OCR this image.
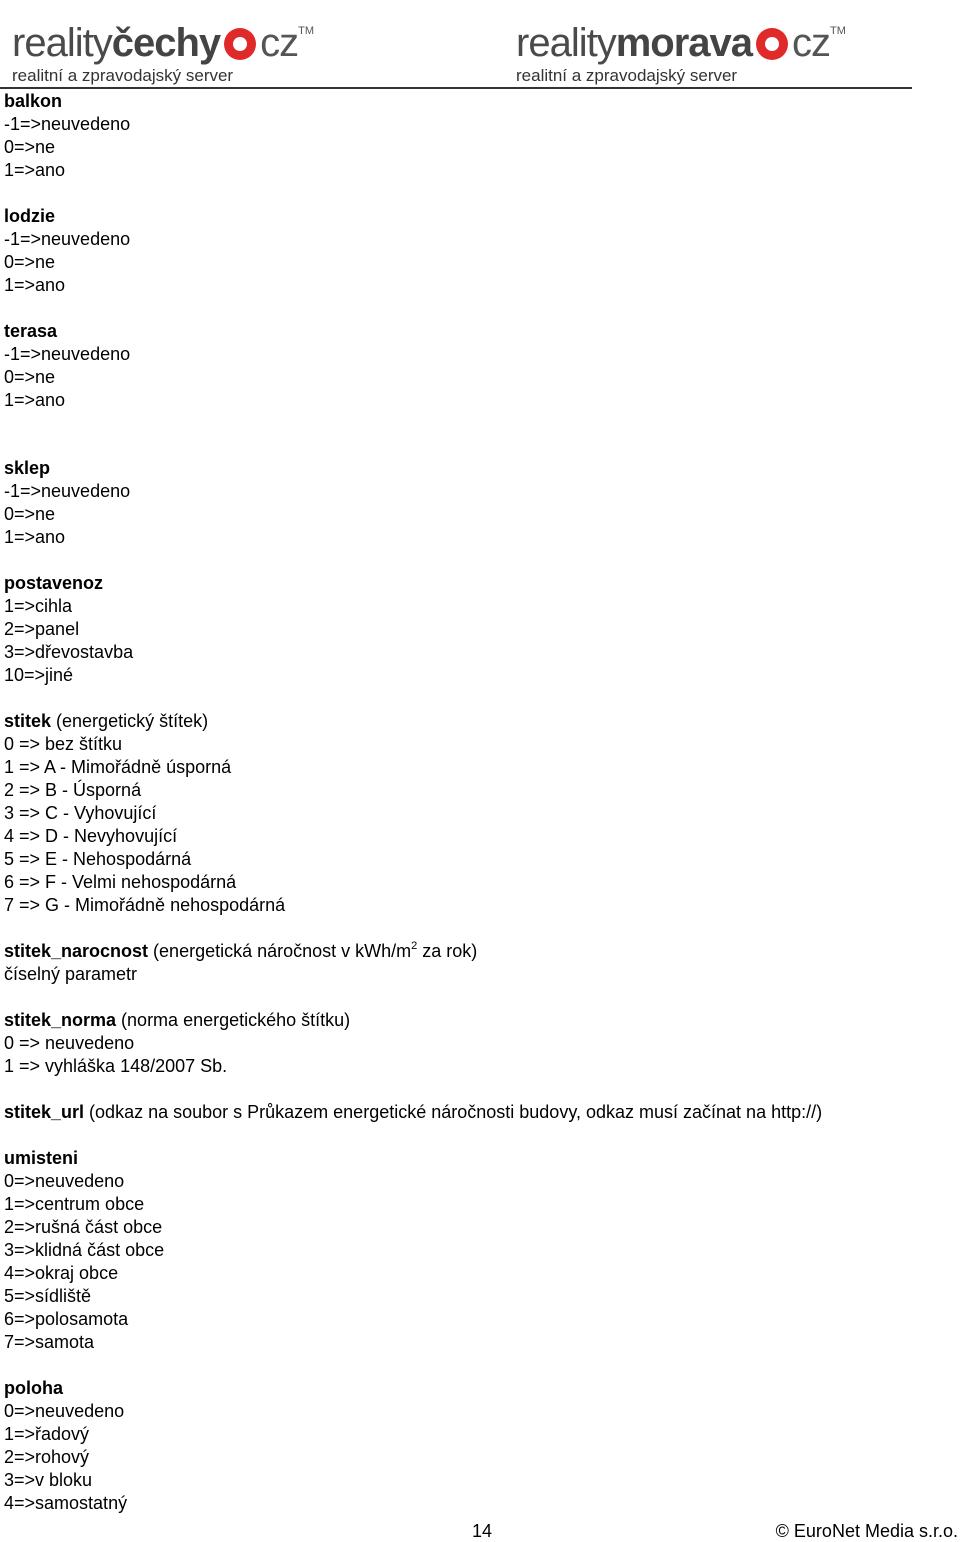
realityčechy cz™
realitní a zpravodajský server
realitymorava cz™
realitní a zpravodajský server
balkon
-1=>neuvedeno
0=>ne
1=>ano
lodzie
-1=>neuvedeno
0=>ne
1=>ano
terasa
-1=>neuvedeno
0=>ne
1=>ano
sklep
-1=>neuvedeno
0=>ne
1=>ano
postavenoz
1=>cihla
2=>panel
3=>dřevostavba
10=>jiné
stitek (energetický štítek)
0 => bez štítku
1 => A - Mimořádně úsporná
2 => B - Úsporná
3 => C - Vyhovující
4 => D - Nevyhovující
5 => E - Nehospodárná
6 => F - Velmi nehospodárná
7 => G - Mimořádně nehospodárná
stitek_narocnost (energetická náročnost v kWh/$m^2$ za rok)
číselný parametr
stitek_norma (norma energetického štítku)
0 => neuvedeno
1 => vyhláška 148/2007 Sb.
stitek_url (odkaz na soubor s Průkazem energetické náročnosti budovy, odkaz musí začínat na http://)
umisteni
0=>neuvedeno
1=>centrum obce
2=>rušná část obce
3=>klidná část obce
4=>okraj obce
5=>sídliště
6=>polosamota
7=>samota
poloha
0=>neuvedeno
1=>řadový
2=>rohový
3=>v bloku
4=>samostatný
14	© EuroNet Media s.r.o.
